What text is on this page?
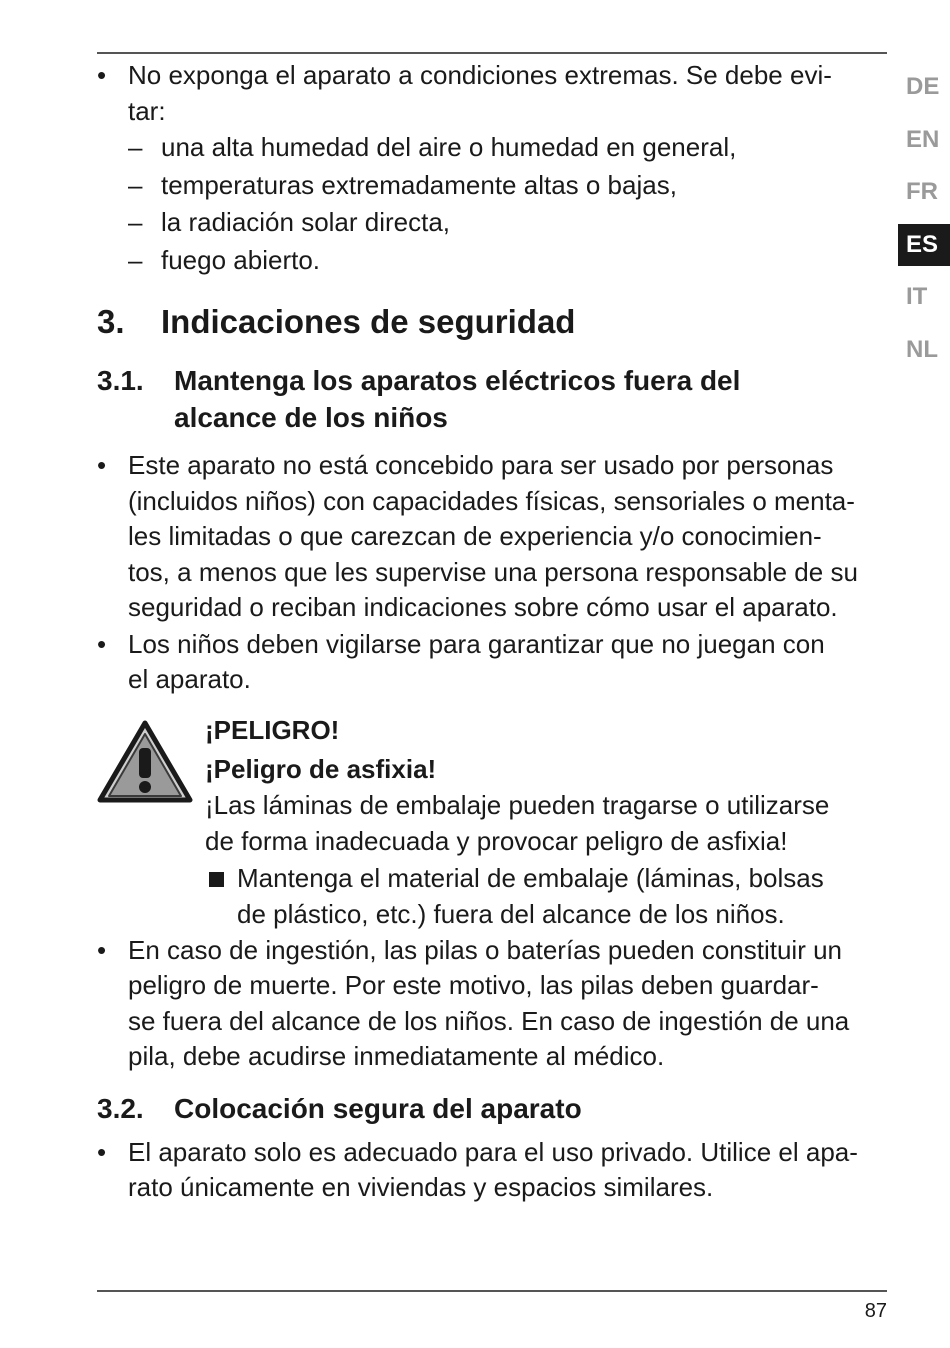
• No exponga el aparato a condiciones extremas. Se debe evi-
tar:
– una alta humedad del aire o humedad en general,
– temperaturas extremadamente altas o bajas,
– la radiación solar directa,
– fuego abierto.
3. Indicaciones de seguridad
3.1. Mantenga los aparatos eléctricos fuera del
alcance de los niños
• Este aparato no está concebido para ser usado por personas
(incluidos niños) con capacidades físicas, sensoriales o menta-
les limitadas o que carezcan de experiencia y/o conocimien-
tos, a menos que les supervise una persona responsable de su
seguridad o reciban indicaciones sobre cómo usar el aparato.
• Los niños deben vigilarse para garantizar que no juegan con
el aparato.
¡PELIGRO!
¡Peligro de asfixia!
¡Las láminas de embalaje pueden tragarse o utilizarse
de forma inadecuada y provocar peligro de asfixia!
Mantenga el material de embalaje (láminas, bolsas
de plástico, etc.) fuera del alcance de los niños.
• En caso de ingestión, las pilas o baterías pueden constituir un
peligro de muerte. Por este motivo, las pilas deben guardar-
se fuera del alcance de los niños. En caso de ingestión de una
pila, debe acudirse inmediatamente al médico.
3.2. Colocación segura del aparato
• El aparato solo es adecuado para el uso privado. Utilice el apa-
rato únicamente en viviendas y espacios similares.
DE
EN
FR
ES
IT
NL
87
